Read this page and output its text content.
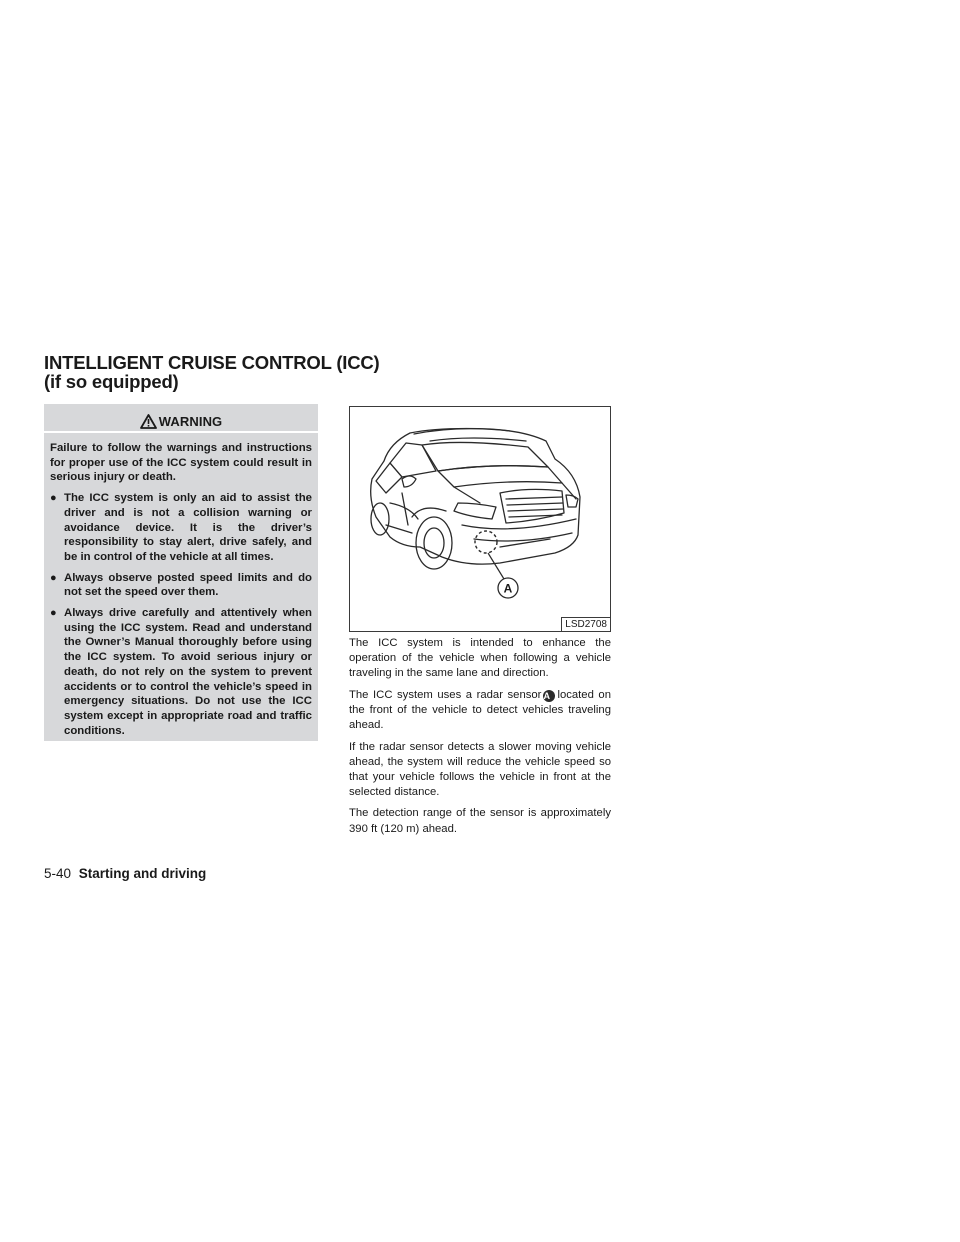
INTELLIGENT CRUISE CONTROL (ICC)
(if so equipped)
WARNING
Failure to follow the warnings and instructions for proper use of the ICC system could result in serious injury or death.
● The ICC system is only an aid to assist the driver and is not a collision warning or avoidance device. It is the driver’s responsibility to stay alert, drive safely, and be in control of the vehicle at all times.
● Always observe posted speed limits and do not set the speed over them.
● Always drive carefully and attentively when using the ICC system. Read and understand the Owner’s Manual thoroughly before using the ICC system. To avoid serious injury or death, do not rely on the system to prevent accidents or to control the vehicle’s speed in emergency situations. Do not use the ICC system except in appropriate road and traffic conditions.
A
LSD2708

The ICC system is intended to enhance the operation of the vehicle when following a vehicle traveling in the same lane and direction.

The ICC system uses a radar sensor A located on the front of the vehicle to detect vehicles traveling ahead.

If the radar sensor detects a slower moving vehicle ahead, the system will reduce the vehicle speed so that your vehicle follows the vehicle in front at the selected distance.

The detection range of the sensor is approximately 390 ft (120 m) ahead.

5-40 Starting and driving
